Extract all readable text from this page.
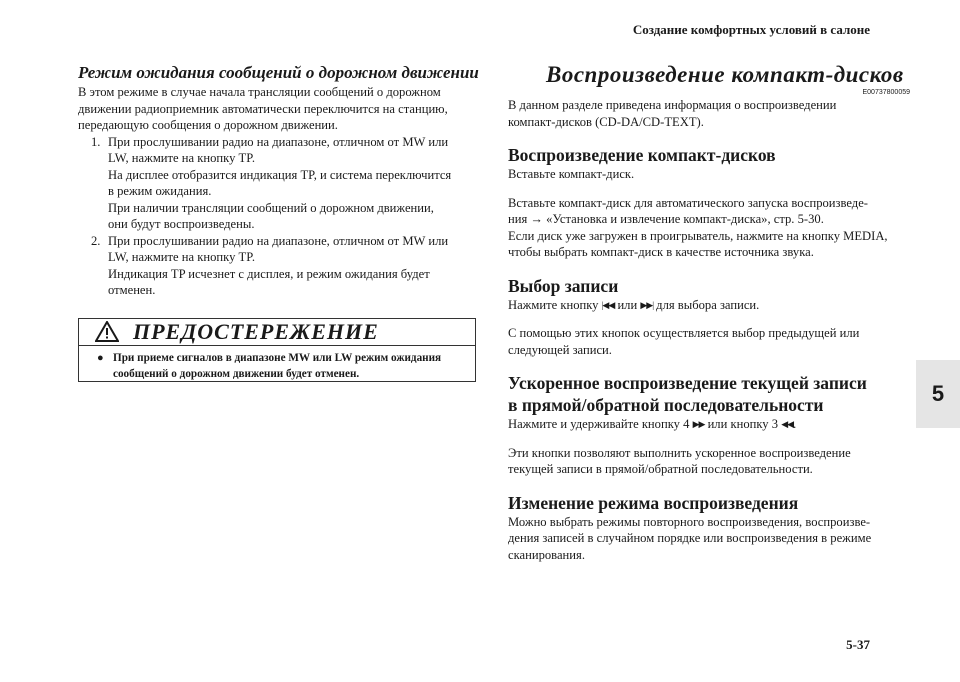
Создание комфортных условий в салоне
5
5-37

Режим ожидания сообщений о дорожном движении

В этом режиме в случае начала трансляции сообщений о дорожном

движении радиоприемник автоматически переключится на станцию,

передающую сообщения о дорожном движении.

1. При прослушивании радио на диапазоне, отличном от MW или

LW, нажмите на кнопку TP.

На дисплее отобразится индикация TP, и система переключится

в режим ожидания.

При наличии трансляции сообщений о дорожном движении,

они будут воспроизведены.

2. При прослушивании радио на диапазоне, отличном от MW или

LW, нажмите на кнопку TP.

Индикация TP исчезнет с дисплея, и режим ожидания будет

отменен.

ПРЕДОСТЕРЕЖЕНИЕ
● При приеме сигналов в диапазоне MW или LW режим ожидания
сообщений о дорожном движении будет отменен.
Воспроизведение компакт-дисков
E00737800059

В данном разделе приведена информация о воспроизведении

компакт-дисков (CD-DA/CD-TEXT).

Воспроизведение компакт-дисков

Вставьте компакт-диск.

Вставьте компакт-диск для автоматического запуска воспроизведе-

ния → «Установка и извлечение компакт-диска», стр. 5-30.

Если диск уже загружен в проигрыватель, нажмите на кнопку MEDIA,

чтобы выбрать компакт-диск в качестве источника звука.

Выбор записи

Нажмите кнопку |◀◀ или ▶▶| для выбора записи.

С помощью этих кнопок осуществляется выбор предыдущей или

следующей записи.

Ускоренное воспроизведение текущей записи

в прямой/обратной последовательности

Нажмите и удерживайте кнопку 4 ▶▶ или кнопку 3 ◀◀.

Эти кнопки позволяют выполнить ускоренное воспроизведение

текущей записи в прямой/обратной последовательности.

Изменение режима воспроизведения

Можно выбрать режимы повторного воспроизведения, воспроизве-

дения записей в случайном порядке или воспроизведения в режиме

сканирования.
